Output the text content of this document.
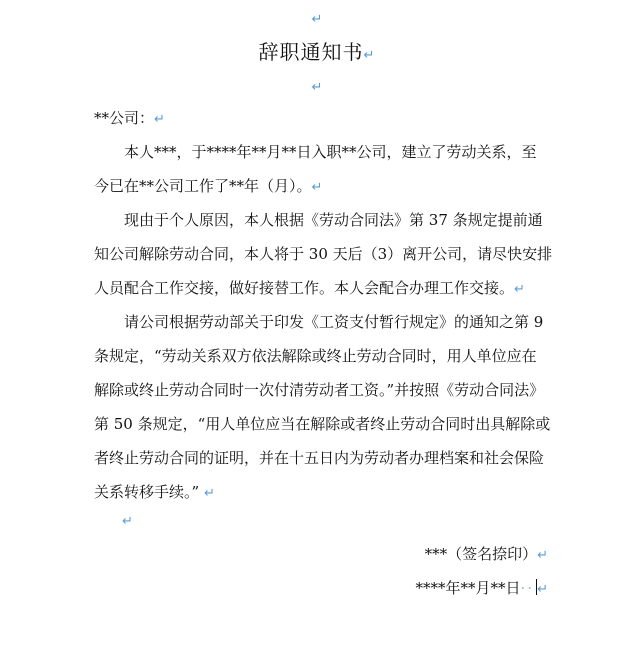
↵
辞职通知书↵
↵
**公司：↵
本人***，于****年**月**日入职**公司，建立了劳动关系，至
今已在**公司工作了**年（月）。↵
现由于个人原因，本人根据《劳动合同法》第 37 条规定提前通
知公司解除劳动合同，本人将于 30 天后（3）离开公司，请尽快安排
人员配合工作交接，做好接替工作。本人会配合办理工作交接。↵
请公司根据劳动部关于印发《工资支付暂行规定》的通知之第 9
条规定，“劳动关系双方依法解除或终止劳动合同时，用人单位应在
解除或终止劳动合同时一次付清劳动者工资。”并按照《劳动合同法》
第 50 条规定，“用人单位应当在解除或者终止劳动合同时出具解除或
者终止劳动合同的证明，并在十五日内为劳动者办理档案和社会保险
关系转移手续。” ↵
↵
***（签名捺印）↵
****年**月**日·· ↵
